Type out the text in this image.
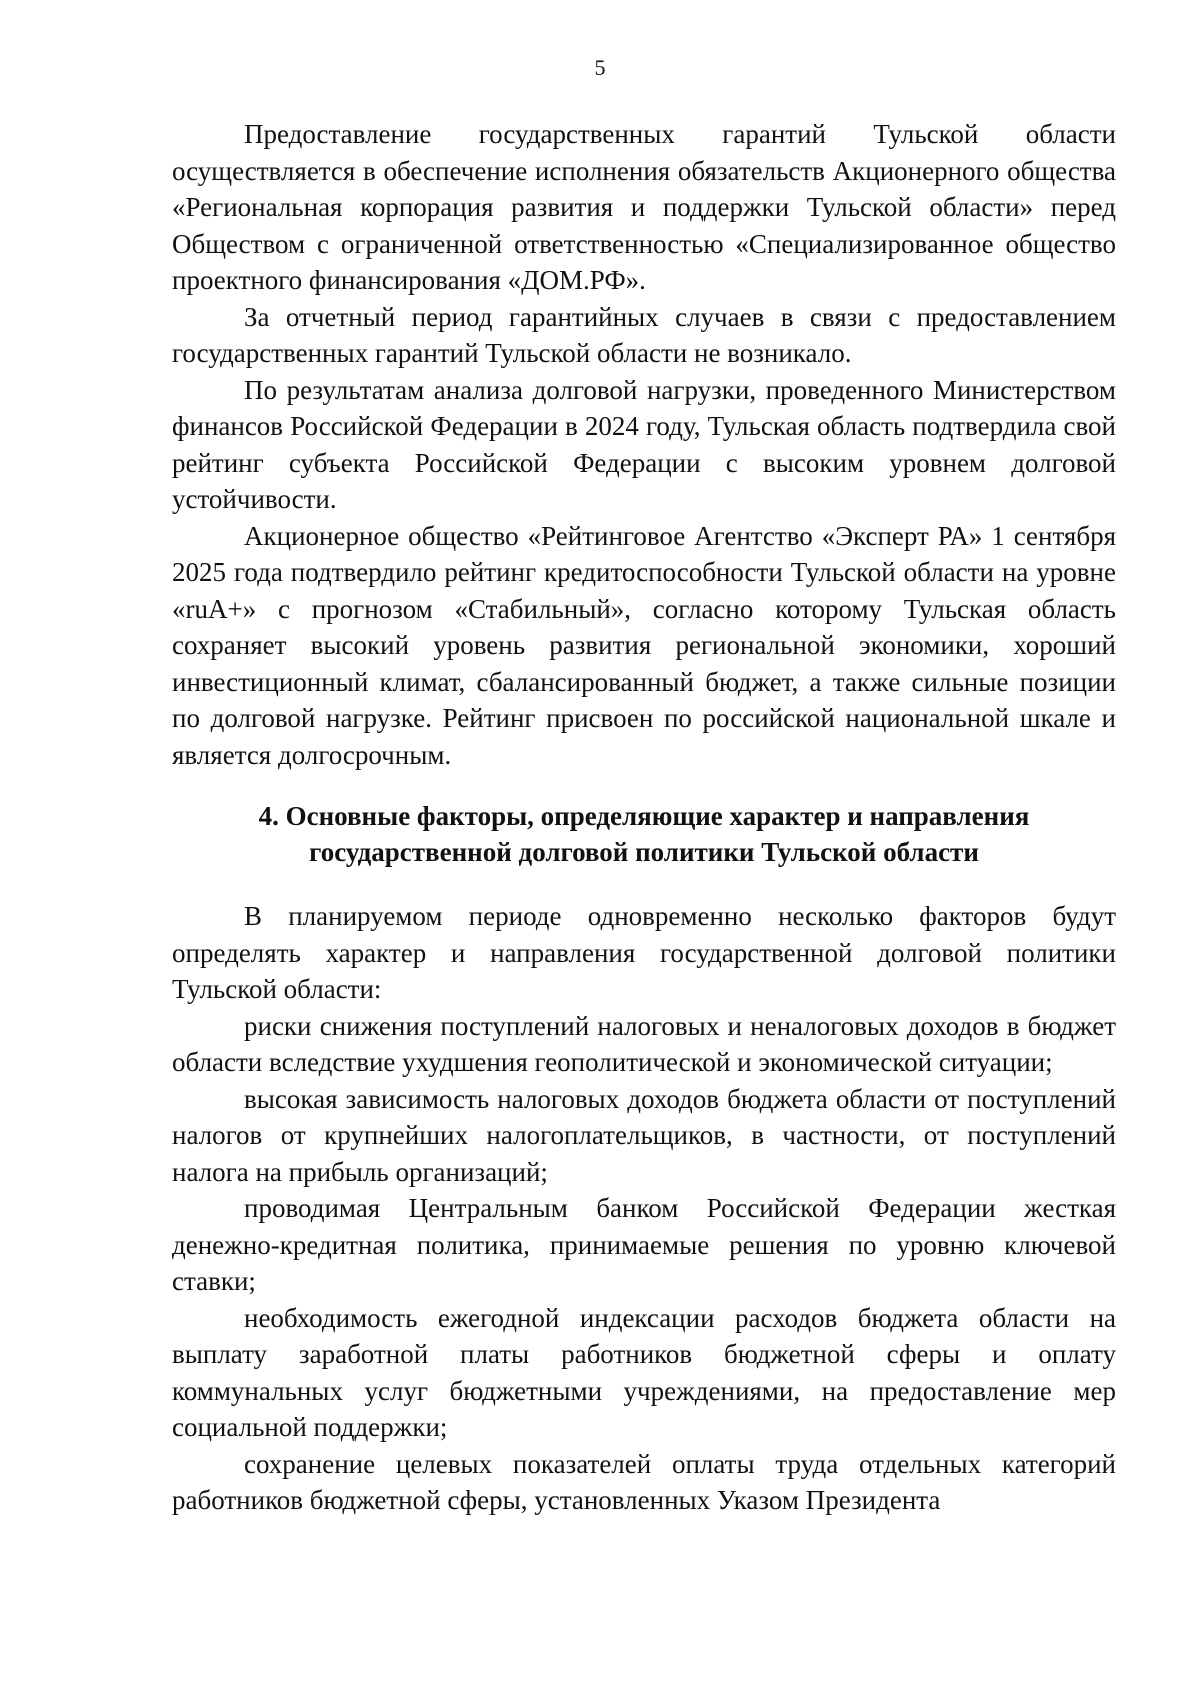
5

Предоставление государственных гарантий Тульской области осуществляется в обеспечение исполнения обязательств Акционерного общества «Региональная корпорация развития и поддержки Тульской области» перед Обществом с ограниченной ответственностью «Специализированное общество проектного финансирования «ДОМ.РФ».

За отчетный период гарантийных случаев в связи с предоставлением государственных гарантий Тульской области не возникало.

По результатам анализа долговой нагрузки, проведенного Министерством финансов Российской Федерации в 2024 году, Тульская область подтвердила свой рейтинг субъекта Российской Федерации с высоким уровнем долговой устойчивости.

Акционерное общество «Рейтинговое Агентство «Эксперт РА» 1 сентября 2025 года подтвердило рейтинг кредитоспособности Тульской области на уровне «ruA+» с прогнозом «Стабильный», согласно которому Тульская область сохраняет высокий уровень развития региональной экономики, хороший инвестиционный климат, сбалансированный бюджет, а также сильные позиции по долговой нагрузке. Рейтинг присвоен по российской национальной шкале и является долгосрочным.

4. Основные факторы, определяющие характер и направления
государственной долговой политики Тульской области

В планируемом периоде одновременно несколько факторов будут определять характер и направления государственной долговой политики Тульской области:

риски снижения поступлений налоговых и неналоговых доходов в бюджет области вследствие ухудшения геополитической и экономической ситуации;

высокая зависимость налоговых доходов бюджета области от поступлений налогов от крупнейших налогоплательщиков, в частности, от поступлений налога на прибыль организаций;

проводимая Центральным банком Российской Федерации жесткая денежно-кредитная политика, принимаемые решения по уровню ключевой ставки;

необходимость ежегодной индексации расходов бюджета области на выплату заработной платы работников бюджетной сферы и оплату коммунальных услуг бюджетными учреждениями, на предоставление мер социальной поддержки;

сохранение целевых показателей оплаты труда отдельных категорий работников бюджетной сферы, установленных Указом Президента
